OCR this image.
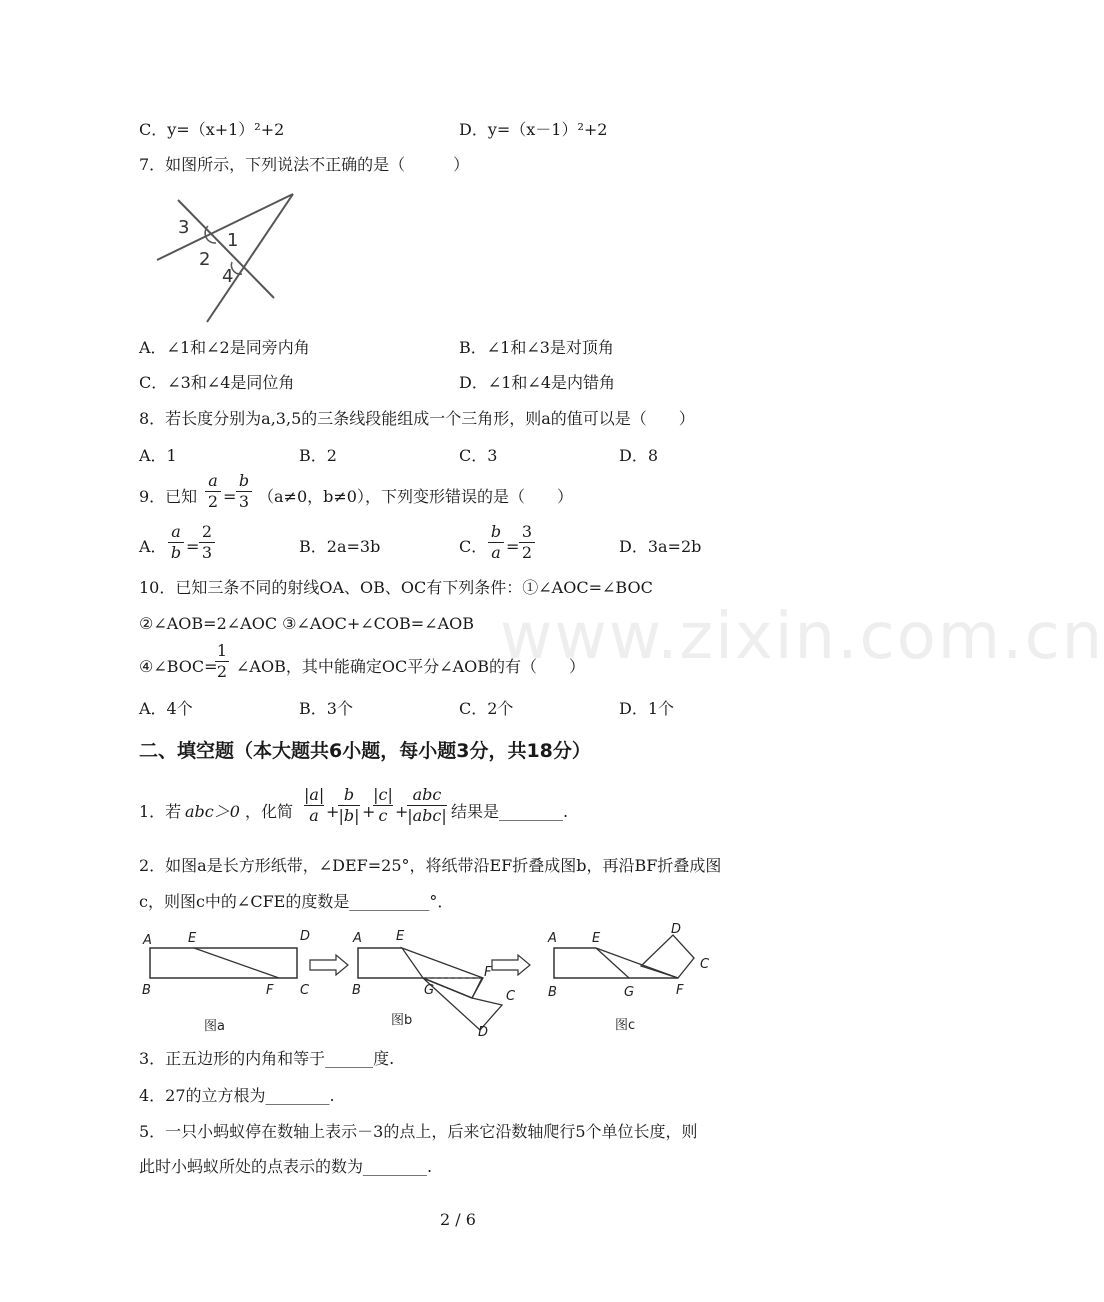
www.zixin.com.cn
C．y=（x+1）²+2	D．y=（x－1）²+2
7．如图所示，下列说法不正确的是（　　　）
3
1
2
4
A．∠1和∠2是同旁内角	B．∠1和∠3是对顶角
C．∠3和∠4是同位角	D．∠1和∠4是内错角
8．若长度分别为a,3,5的三条线段能组成一个三角形，则a的值可以是（　　）
A．1	B．2	C．3	D．8
9．已知
a
2 =
b
3 （a≠0，b≠0），下列变形错误的是（　　）
A．
a
b =
2
3	B．2a=3b	C．
b
a =
3
2	D．3a=2b
10．已知三条不同的射线OA、OB、OC有下列条件：①∠AOC=∠BOC
②∠AOB=2∠AOC ③∠AOC+∠COB=∠AOB
④∠BOC=
1
2 ∠AOB，其中能确定OC平分∠AOB的有（　　）
A．4个	B．3个	C．2个	D．1个
二、填空题（本大题共6小题，每小题3分，共18分）
1．若 abc＞0 ，化简
|a|
a +
b
|b| +
|c|
c +
abc
|abc| 结果是________.
2．如图a是长方形纸带，∠DEF=25°，将纸带沿EF折叠成图b，再沿BF折叠成图
c，则图c中的∠CFE的度数是__________°．
A	E	D
B	F C
图a
A	E
F
B	G	C
D
图b
A	E
D
C
B	G	F
图c
3．正五边形的内角和等于______度.
4．27的立方根为________.
5．一只小蚂蚁停在数轴上表示－3的点上，后来它沿数轴爬行5个单位长度，则
此时小蚂蚁所处的点表示的数为________.
2 / 6
